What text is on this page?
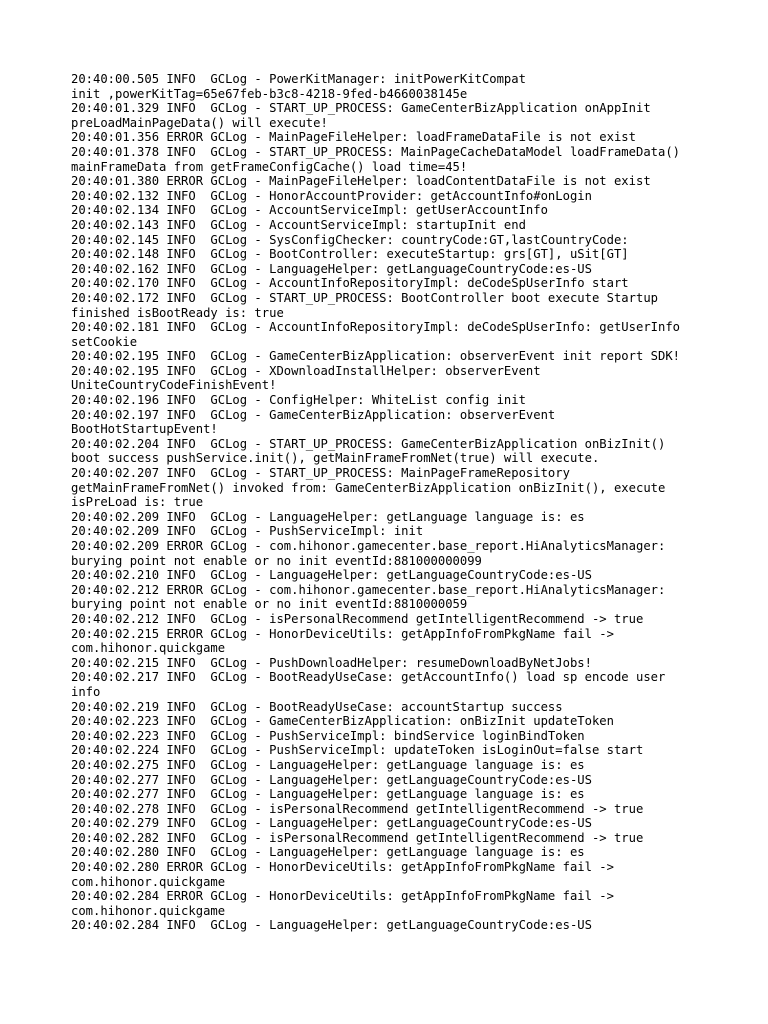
20:40:00.505 INFO  GCLog - PowerKitManager: initPowerKitCompat
init ,powerKitTag=65e67feb-b3c8-4218-9fed-b4660038145e
20:40:01.329 INFO  GCLog - START_UP_PROCESS: GameCenterBizApplication onAppInit
preLoadMainPageData() will execute!
20:40:01.356 ERROR GCLog - MainPageFileHelper: loadFrameDataFile is not exist
20:40:01.378 INFO  GCLog - START_UP_PROCESS: MainPageCacheDataModel loadFrameData()
mainFrameData from getFrameConfigCache() load time=45!
20:40:01.380 ERROR GCLog - MainPageFileHelper: loadContentDataFile is not exist
20:40:02.132 INFO  GCLog - HonorAccountProvider: getAccountInfo#onLogin
20:40:02.134 INFO  GCLog - AccountServiceImpl: getUserAccountInfo
20:40:02.143 INFO  GCLog - AccountServiceImpl: startupInit end
20:40:02.145 INFO  GCLog - SysConfigChecker: countryCode:GT,lastCountryCode:
20:40:02.148 INFO  GCLog - BootController: executeStartup: grs[GT], uSit[GT]
20:40:02.162 INFO  GCLog - LanguageHelper: getLanguageCountryCode:es-US
20:40:02.170 INFO  GCLog - AccountInfoRepositoryImpl: deCodeSpUserInfo start
20:40:02.172 INFO  GCLog - START_UP_PROCESS: BootController boot execute Startup
finished isBootReady is: true
20:40:02.181 INFO  GCLog - AccountInfoRepositoryImpl: deCodeSpUserInfo: getUserInfo
setCookie
20:40:02.195 INFO  GCLog - GameCenterBizApplication: observerEvent init report SDK!
20:40:02.195 INFO  GCLog - XDownloadInstallHelper: observerEvent
UniteCountryCodeFinishEvent!
20:40:02.196 INFO  GCLog - ConfigHelper: WhiteList config init
20:40:02.197 INFO  GCLog - GameCenterBizApplication: observerEvent
BootHotStartupEvent!
20:40:02.204 INFO  GCLog - START_UP_PROCESS: GameCenterBizApplication onBizInit()
boot success pushService.init(), getMainFrameFromNet(true) will execute.
20:40:02.207 INFO  GCLog - START_UP_PROCESS: MainPageFrameRepository
getMainFrameFromNet() invoked from: GameCenterBizApplication onBizInit(), execute
isPreLoad is: true
20:40:02.209 INFO  GCLog - LanguageHelper: getLanguage language is: es
20:40:02.209 INFO  GCLog - PushServiceImpl: init
20:40:02.209 ERROR GCLog - com.hihonor.gamecenter.base_report.HiAnalyticsManager:
burying point not enable or no init eventId:881000000099
20:40:02.210 INFO  GCLog - LanguageHelper: getLanguageCountryCode:es-US
20:40:02.212 ERROR GCLog - com.hihonor.gamecenter.base_report.HiAnalyticsManager:
burying point not enable or no init eventId:8810000059
20:40:02.212 INFO  GCLog - isPersonalRecommend getIntelligentRecommend -> true
20:40:02.215 ERROR GCLog - HonorDeviceUtils: getAppInfoFromPkgName fail ->
com.hihonor.quickgame
20:40:02.215 INFO  GCLog - PushDownloadHelper: resumeDownloadByNetJobs!
20:40:02.217 INFO  GCLog - BootReadyUseCase: getAccountInfo() load sp encode user
info
20:40:02.219 INFO  GCLog - BootReadyUseCase: accountStartup success
20:40:02.223 INFO  GCLog - GameCenterBizApplication: onBizInit updateToken
20:40:02.223 INFO  GCLog - PushServiceImpl: bindService loginBindToken
20:40:02.224 INFO  GCLog - PushServiceImpl: updateToken isLoginOut=false start
20:40:02.275 INFO  GCLog - LanguageHelper: getLanguage language is: es
20:40:02.277 INFO  GCLog - LanguageHelper: getLanguageCountryCode:es-US
20:40:02.277 INFO  GCLog - LanguageHelper: getLanguage language is: es
20:40:02.278 INFO  GCLog - isPersonalRecommend getIntelligentRecommend -> true
20:40:02.279 INFO  GCLog - LanguageHelper: getLanguageCountryCode:es-US
20:40:02.282 INFO  GCLog - isPersonalRecommend getIntelligentRecommend -> true
20:40:02.280 INFO  GCLog - LanguageHelper: getLanguage language is: es
20:40:02.280 ERROR GCLog - HonorDeviceUtils: getAppInfoFromPkgName fail ->
com.hihonor.quickgame
20:40:02.284 ERROR GCLog - HonorDeviceUtils: getAppInfoFromPkgName fail ->
com.hihonor.quickgame
20:40:02.284 INFO  GCLog - LanguageHelper: getLanguageCountryCode:es-US
